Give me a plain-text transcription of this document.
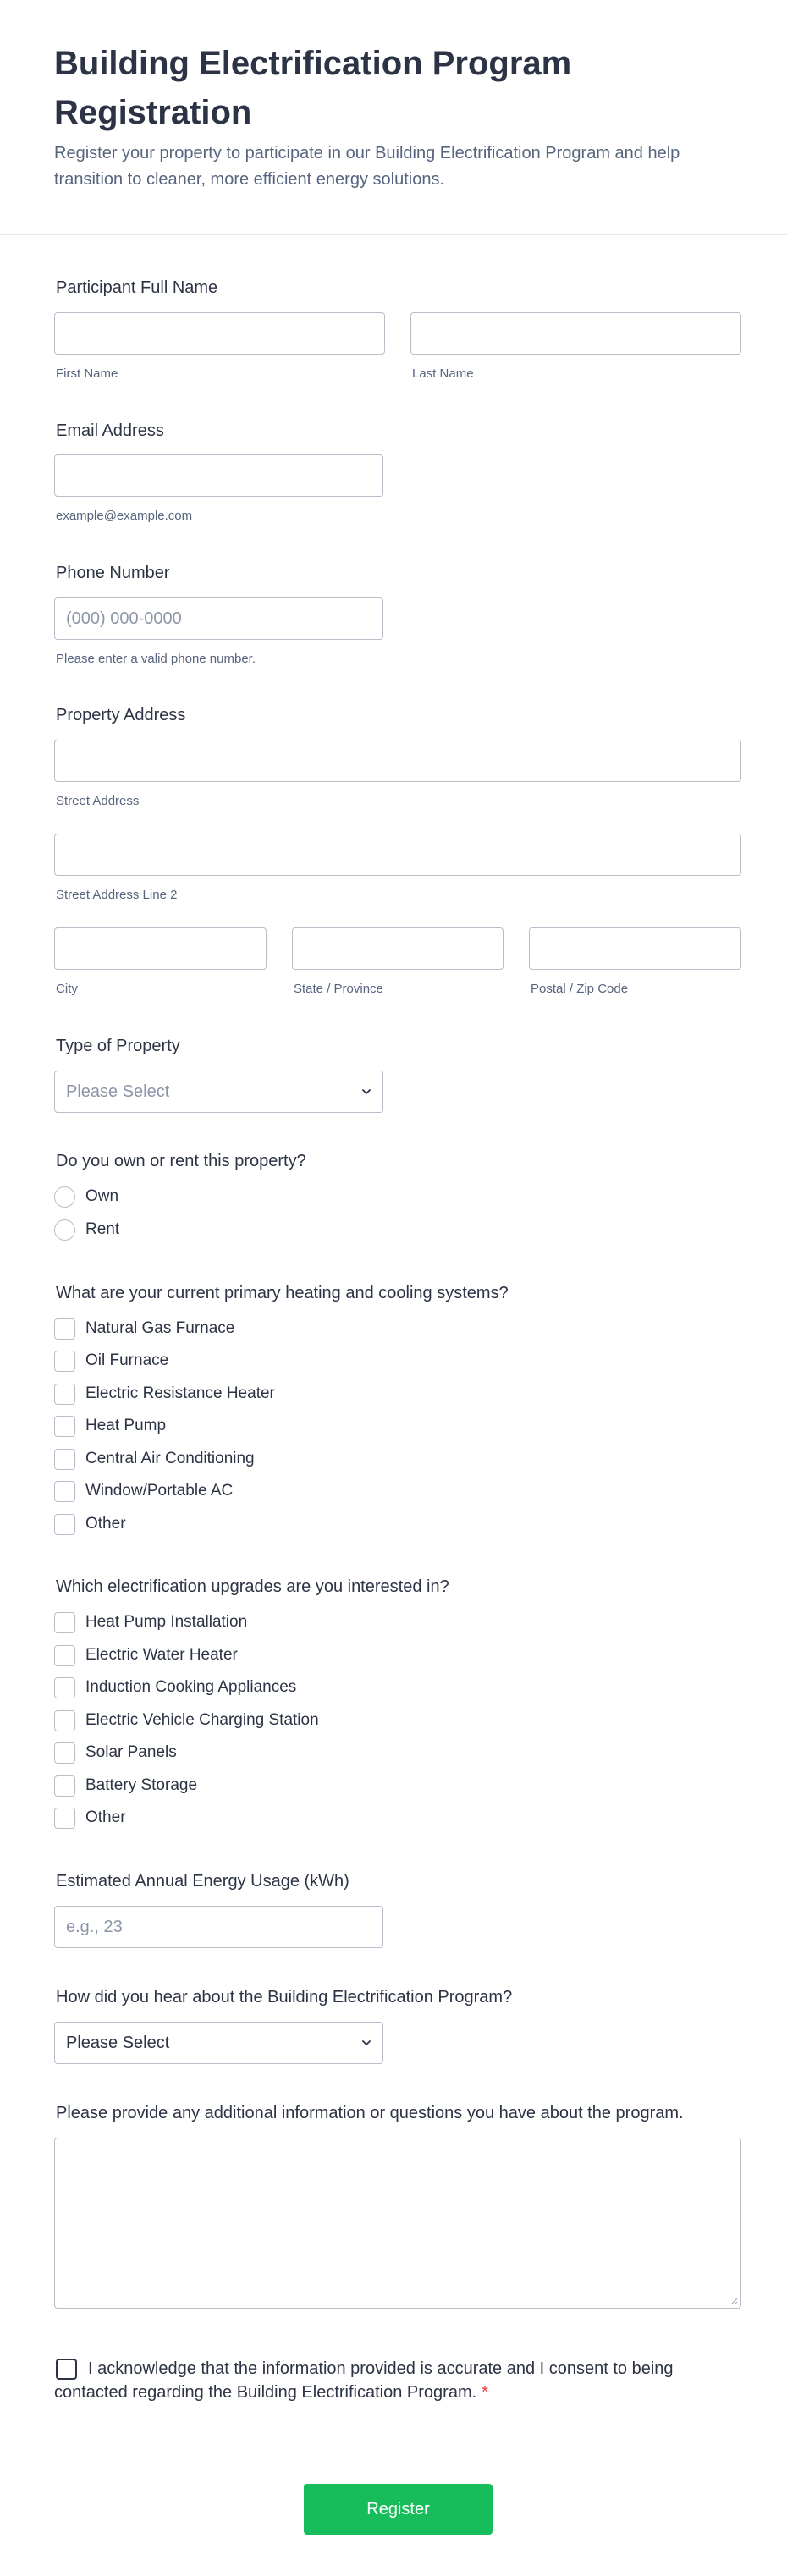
Building Electrification Program Registration

Register your property to participate in our Building Electrification Program and help transition to cleaner, more efficient energy solutions.

Participant Full Name
First Name	Last Name
Email Address
example@example.com
Phone Number
(000) 000-0000
Please enter a valid phone number.
Property Address
Street Address
Street Address Line 2
City	State / Province	Postal / Zip Code
Type of Property
Please Select
Do you own or rent this property?
Own
Rent
What are your current primary heating and cooling systems?
Natural Gas Furnace
Oil Furnace
Electric Resistance Heater
Heat Pump
Central Air Conditioning
Window/Portable AC
Other
Which electrification upgrades are you interested in?
Heat Pump Installation
Electric Water Heater
Induction Cooking Appliances
Electric Vehicle Charging Station
Solar Panels
Battery Storage
Other
Estimated Annual Energy Usage (kWh)
e.g., 23
How did you hear about the Building Electrification Program?
Please Select
Please provide any additional information or questions you have about the program.
I acknowledge that the information provided is accurate and I consent to being contacted regarding the Building Electrification Program. *
Register
